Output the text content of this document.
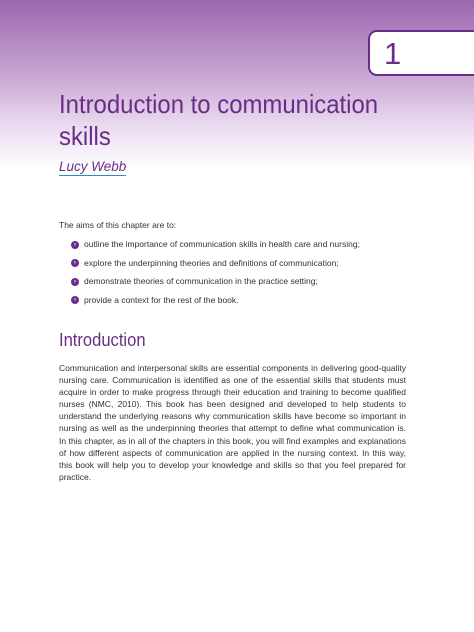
1
Introduction to communication skills
Lucy Webb
The aims of this chapter are to:
› outline the importance of communication skills in health care and nursing;
› explore the underpinning theories and definitions of communication;
› demonstrate theories of communication in the practice setting;
› provide a context for the rest of the book.
Introduction

Communication and interpersonal skills are essential components in delivering good-quality nursing care. Communication is identified as one of the essential skills that students must acquire in order to make progress through their education and training to become qualified nurses (NMC, 2010). This book has been designed and developed to help students to understand the underlying reasons why communication skills have become so important in nursing as well as the underpinning theories that attempt to define what communication is. In this chapter, as in all of the chapters in this book, you will find examples and explanations of how different aspects of communication are applied in the nursing context. In this way, this book will help you to develop your knowledge and skills so that you feel prepared for practice.
